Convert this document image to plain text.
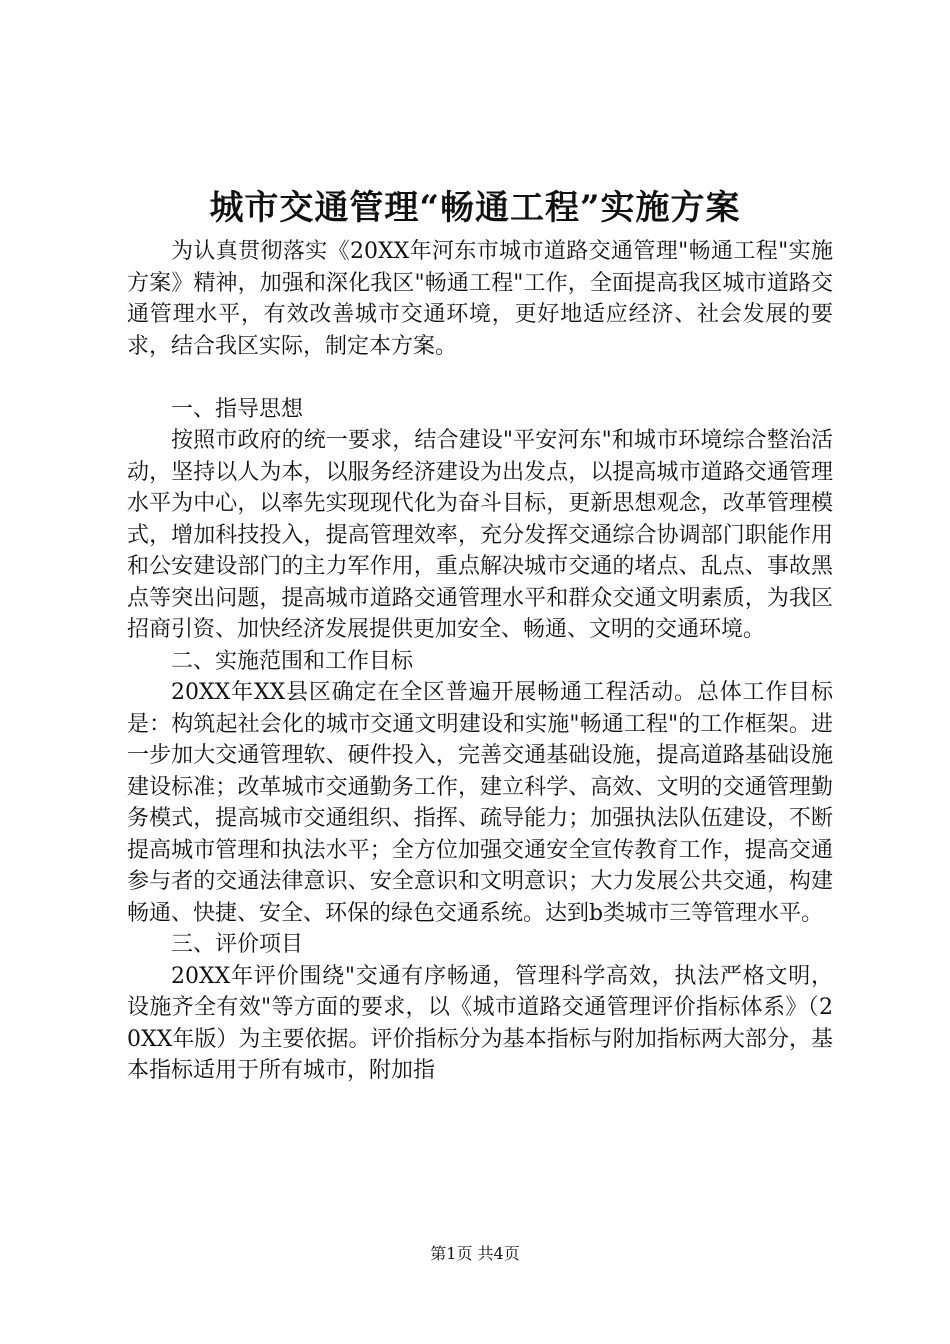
城市交通管理“畅通工程”实施方案

为认真贯彻落实《20XX年河东市城市道路交通管理"畅通工程"实施方案》精神，加强和深化我区"畅通工程"工作，全面提高我区城市道路交通管理水平，有效改善城市交通环境，更好地适应经济、社会发展的要求，结合我区实际，制定本方案。

一、指导思想

按照市政府的统一要求，结合建设"平安河东"和城市环境综合整治活动，坚持以人为本，以服务经济建设为出发点，以提高城市道路交通管理水平为中心，以率先实现现代化为奋斗目标，更新思想观念，改革管理模式，增加科技投入，提高管理效率，充分发挥交通综合协调部门职能作用和公安建设部门的主力军作用，重点解决城市交通的堵点、乱点、事故黑点等突出问题，提高城市道路交通管理水平和群众交通文明素质，为我区招商引资、加快经济发展提供更加安全、畅通、文明的交通环境。

二、实施范围和工作目标

20XX年XX县区确定在全区普遍开展畅通工程活动。总体工作目标是：构筑起社会化的城市交通文明建设和实施"畅通工程"的工作框架。进一步加大交通管理软、硬件投入，完善交通基础设施，提高道路基础设施建设标准；改革城市交通勤务工作，建立科学、高效、文明的交通管理勤务模式，提高城市交通组织、指挥、疏导能力；加强执法队伍建设，不断提高城市管理和执法水平；全方位加强交通安全宣传教育工作，提高交通参与者的交通法律意识、安全意识和文明意识；大力发展公共交通，构建畅通、快捷、安全、环保的绿色交通系统。达到b类城市三等管理水平。

三、评价项目

20XX年评价围绕"交通有序畅通，管理科学高效，执法严格文明，设施齐全有效"等方面的要求，以《城市道路交通管理评价指标体系》（20XX年版）为主要依据。评价指标分为基本指标与附加指标两大部分，基本指标适用于所有城市，附加指

第1页 共4页
